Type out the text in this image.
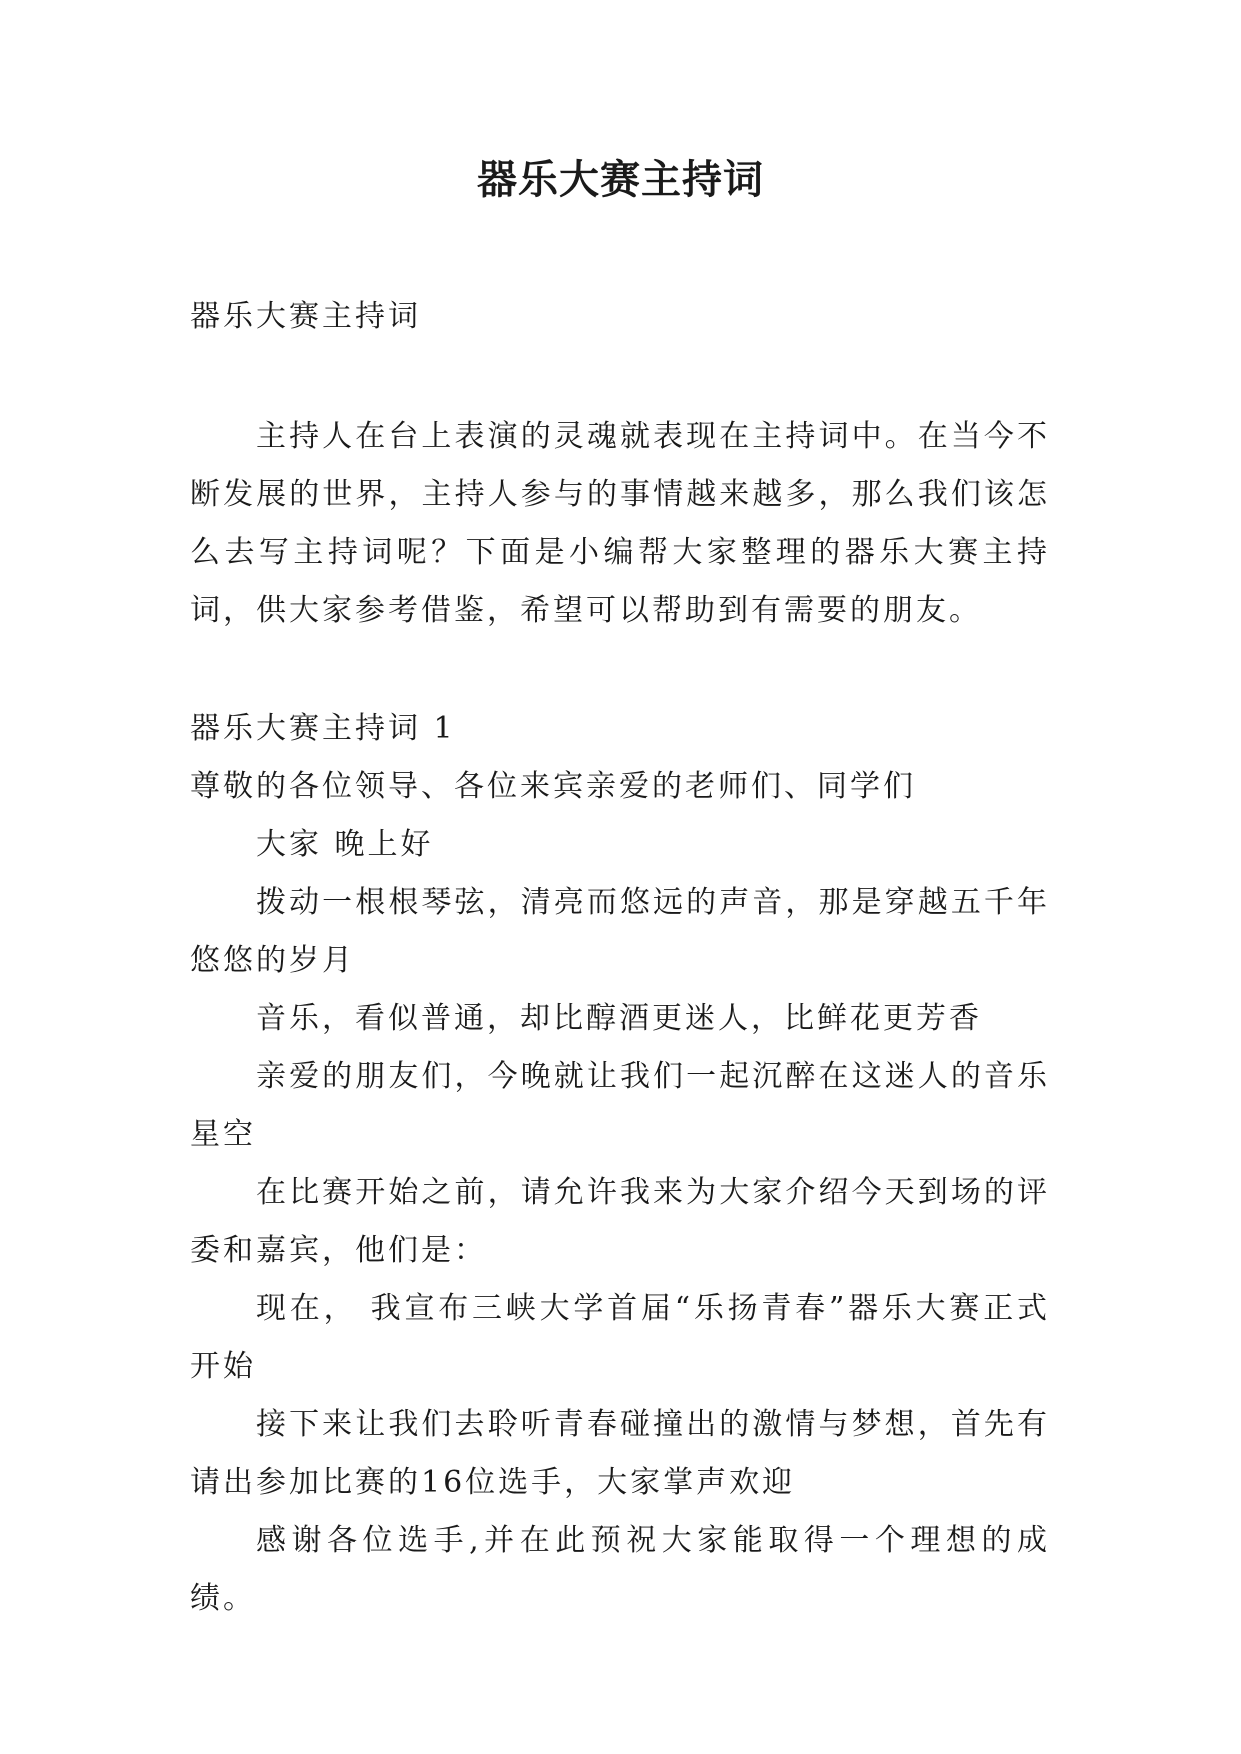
器乐大赛主持词

器乐大赛主持词

主持人在台上表演的灵魂就表现在主持词中。在当今不断发展的世界，主持人参与的事情越来越多，那么我们该怎么去写主持词呢？下面是小编帮大家整理的器乐大赛主持词，供大家参考借鉴，希望可以帮助到有需要的朋友。

器乐大赛主持词 1

尊敬的各位领导、各位来宾亲爱的老师们、同学们

大家 晚上好

拨动一根根琴弦，清亮而悠远的声音，那是穿越五千年悠悠的岁月

音乐，看似普通，却比醇酒更迷人，比鲜花更芳香

亲爱的朋友们，今晚就让我们一起沉醉在这迷人的音乐星空

在比赛开始之前，请允许我来为大家介绍今天到场的评委和嘉宾，他们是：

现在， 我宣布三峡大学首届“乐扬青春”器乐大赛正式开始

接下来让我们去聆听青春碰撞出的激情与梦想，首先有请出参加比赛的16位选手，大家掌声欢迎

感谢各位选手,并在此预祝大家能取得一个理想的成绩。
